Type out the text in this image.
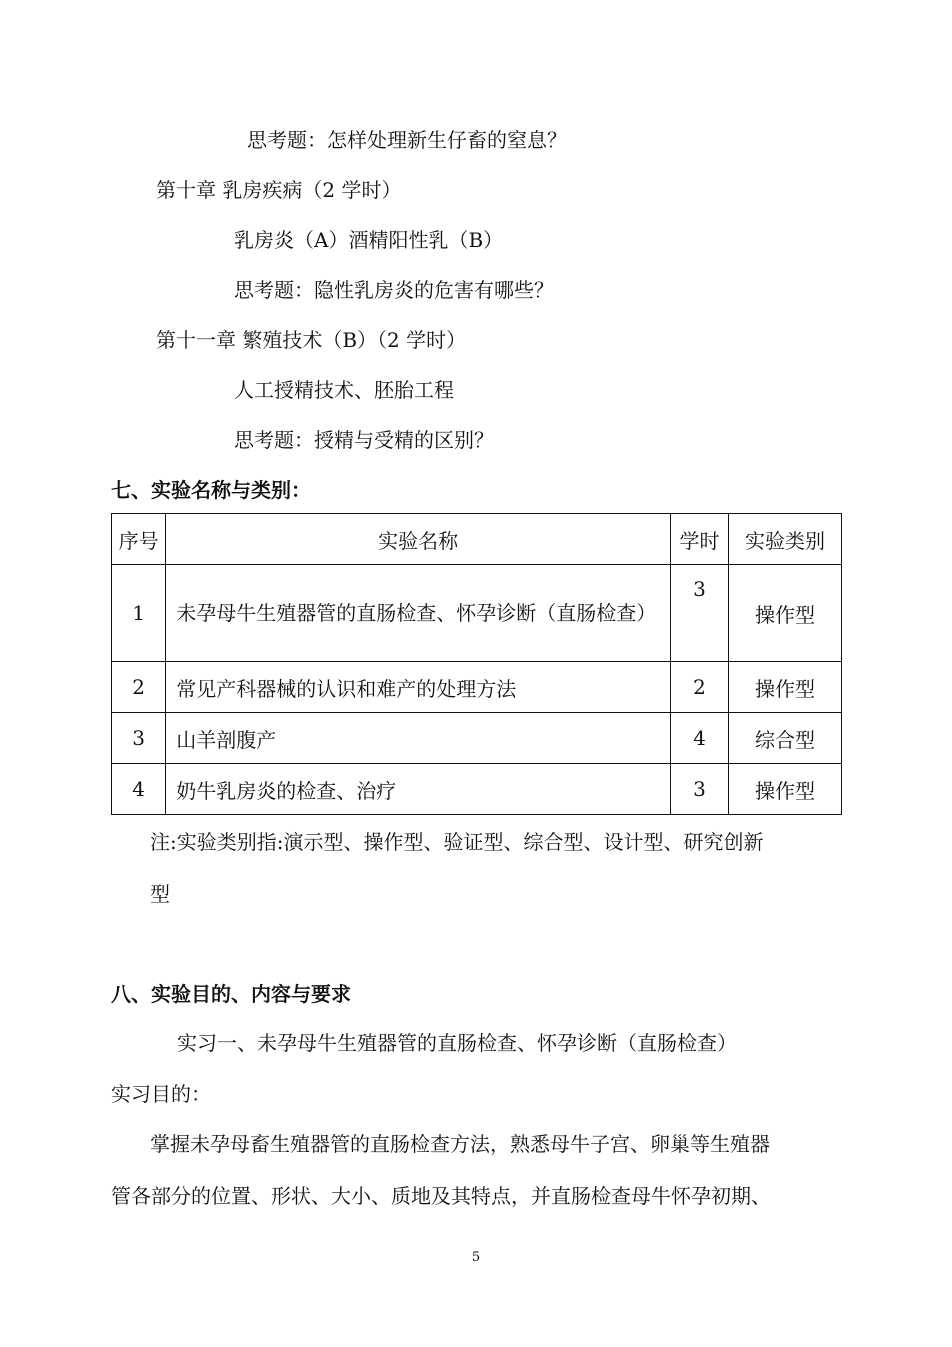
思考题：怎样处理新生仔畜的窒息？
第十章 乳房疾病（2 学时）
乳房炎（A）酒精阳性乳（B）
思考题：隐性乳房炎的危害有哪些？
第十一章 繁殖技术（B）（2 学时）
人工授精技术、胚胎工程
思考题：授精与受精的区别？
七、实验名称与类别：
序号	实验名称	学时	实验类别
1	未孕母牛生殖器管的直肠检查、怀孕诊断（直肠检查）	3	操作型
2	常见产科器械的认识和难产的处理方法	2	操作型
3	山羊剖腹产	4	综合型
4	奶牛乳房炎的检查、治疗	3	操作型
注:实验类别指:演示型、操作型、验证型、综合型、设计型、研究创新
型
八、实验目的、内容与要求
实习一、未孕母牛生殖器管的直肠检查、怀孕诊断（直肠检查）
实习目的：
掌握未孕母畜生殖器管的直肠检查方法，熟悉母牛子宫、卵巢等生殖器
管各部分的位置、形状、大小、质地及其特点，并直肠检查母牛怀孕初期、
5
